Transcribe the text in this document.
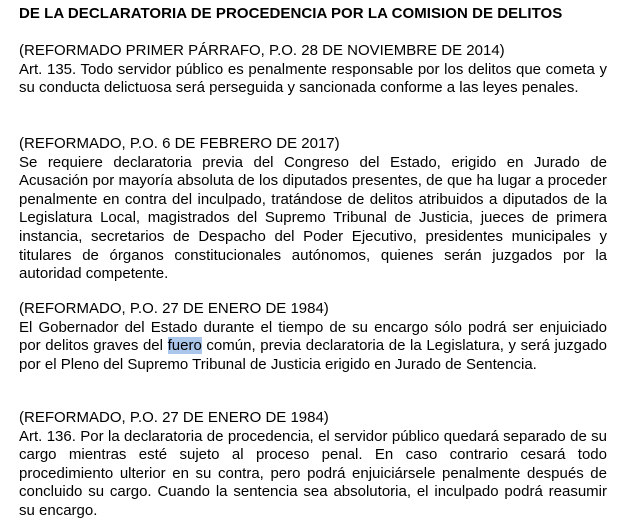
DE LA DECLARATORIA DE PROCEDENCIA POR LA COMISION DE DELITOS
(REFORMADO PRIMER PÁRRAFO, P.O. 28 DE NOVIEMBRE DE 2014)
Art. 135. Todo servidor público es penalmente responsable por los delitos que cometa y su conducta delictuosa será perseguida y sancionada conforme a las leyes penales.
(REFORMADO, P.O. 6 DE FEBRERO DE 2017)
Se requiere declaratoria previa del Congreso del Estado, erigido en Jurado de Acusación por mayoría absoluta de los diputados presentes, de que ha lugar a proceder penalmente en contra del inculpado, tratándose de delitos atribuidos a diputados de la Legislatura Local, magistrados del Supremo Tribunal de Justicia, jueces de primera instancia, secretarios de Despacho del Poder Ejecutivo, presidentes municipales y titulares de órganos constitucionales autónomos, quienes serán juzgados por la autoridad competente.
(REFORMADO, P.O. 27 DE ENERO DE 1984)
El Gobernador del Estado durante el tiempo de su encargo sólo podrá ser enjuiciado por delitos graves del fuero común, previa declaratoria de la Legislatura, y será juzgado por el Pleno del Supremo Tribunal de Justicia erigido en Jurado de Sentencia.
(REFORMADO, P.O. 27 DE ENERO DE 1984)
Art. 136. Por la declaratoria de procedencia, el servidor público quedará separado de su cargo mientras esté sujeto al proceso penal. En caso contrario cesará todo procedimiento ulterior en su contra, pero podrá enjuiciársele penalmente después de concluido su cargo. Cuando la sentencia sea absolutoria, el inculpado podrá reasumir su encargo.
